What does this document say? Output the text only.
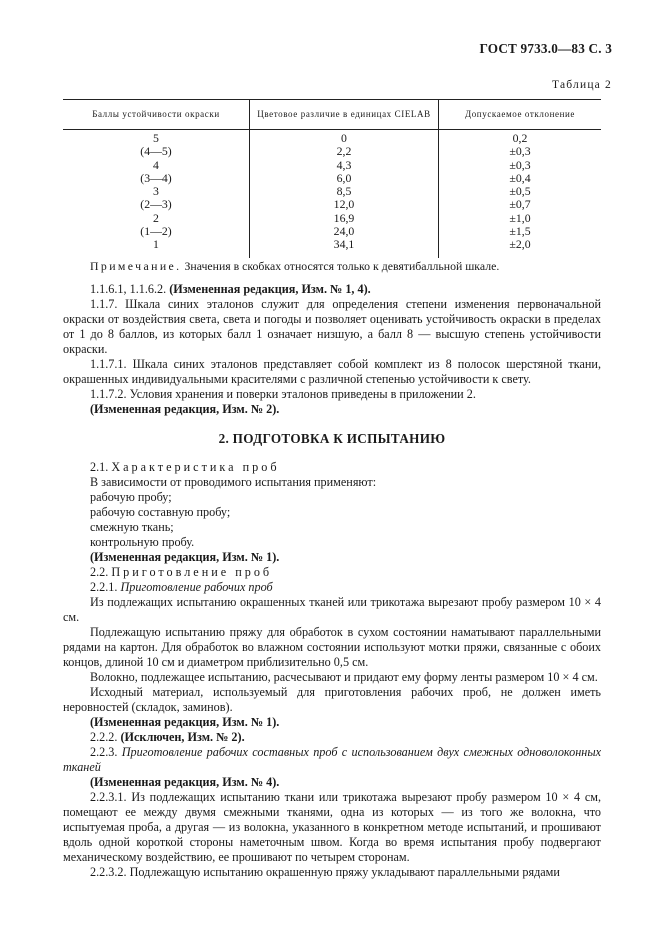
ГОСТ 9733.0—83 С. 3
Таблица 2
Баллы устойчивости окраски	Цветовое различие в единицах CIELAB	Допускаемое отклонение
5	0	0,2
(4—5)	2,2	±0,3
4	4,3	±0,3
(3—4)	6,0	±0,4
3	8,5	±0,5
(2—3)	12,0	±0,7
2	16,9	±1,0
(1—2)	24,0	±1,5
1	34,1	±2,0
Примечание. Значения в скобках относятся только к девятибалльной шкале.

1.1.6.1, 1.1.6.2. (Измененная редакция, Изм. № 1, 4).

1.1.7. Шкала синих эталонов служит для определения степени изменения первоначальной окраски от воздействия света, света и погоды и позволяет оценивать устойчивость окраски в пределах от 1 до 8 баллов, из которых балл 1 означает низшую, а балл 8 — высшую степень устойчивости окраски.

1.1.7.1. Шкала синих эталонов представляет собой комплект из 8 полосок шерстяной ткани, окрашенных индивидуальными красителями с различной степенью устойчивости к свету.

1.1.7.2. Условия хранения и поверки эталонов приведены в приложении 2.

(Измененная редакция, Изм. № 2).

2. ПОДГОТОВКА К ИСПЫТАНИЮ

2.1. Характеристика проб

В зависимости от проводимого испытания применяют:

рабочую пробу;

рабочую составную пробу;

смежную ткань;

контрольную пробу.

(Измененная редакция, Изм. № 1).

2.2. Приготовление проб

2.2.1. Приготовление рабочих проб

Из подлежащих испытанию окрашенных тканей или трикотажа вырезают пробу размером 10 × 4 см.

Подлежащую испытанию пряжу для обработок в сухом состоянии наматывают параллельными рядами на картон. Для обработок во влажном состоянии используют мотки пряжи, связанные с обоих концов, длиной 10 см и диаметром приблизительно 0,5 см.

Волокно, подлежащее испытанию, расчесывают и придают ему форму ленты размером 10 × 4 см.

Исходный материал, используемый для приготовления рабочих проб, не должен иметь неровностей (складок, заминов).

(Измененная редакция, Изм. № 1).

2.2.2. (Исключен, Изм. № 2).

2.2.3. Приготовление рабочих составных проб с использованием двух смежных одноволоконных тканей

(Измененная редакция, Изм. № 4).

2.2.3.1. Из подлежащих испытанию ткани или трикотажа вырезают пробу размером 10 × 4 см, помещают ее между двумя смежными тканями, одна из которых — из того же волокна, что испытуемая проба, а другая — из волокна, указанного в конкретном методе испытаний, и прошивают вдоль одной короткой стороны наметочным швом. Когда во время испытания пробу подвергают механическому воздействию, ее прошивают по четырем сторонам.

2.2.3.2. Подлежащую испытанию окрашенную пряжу укладывают параллельными рядами
